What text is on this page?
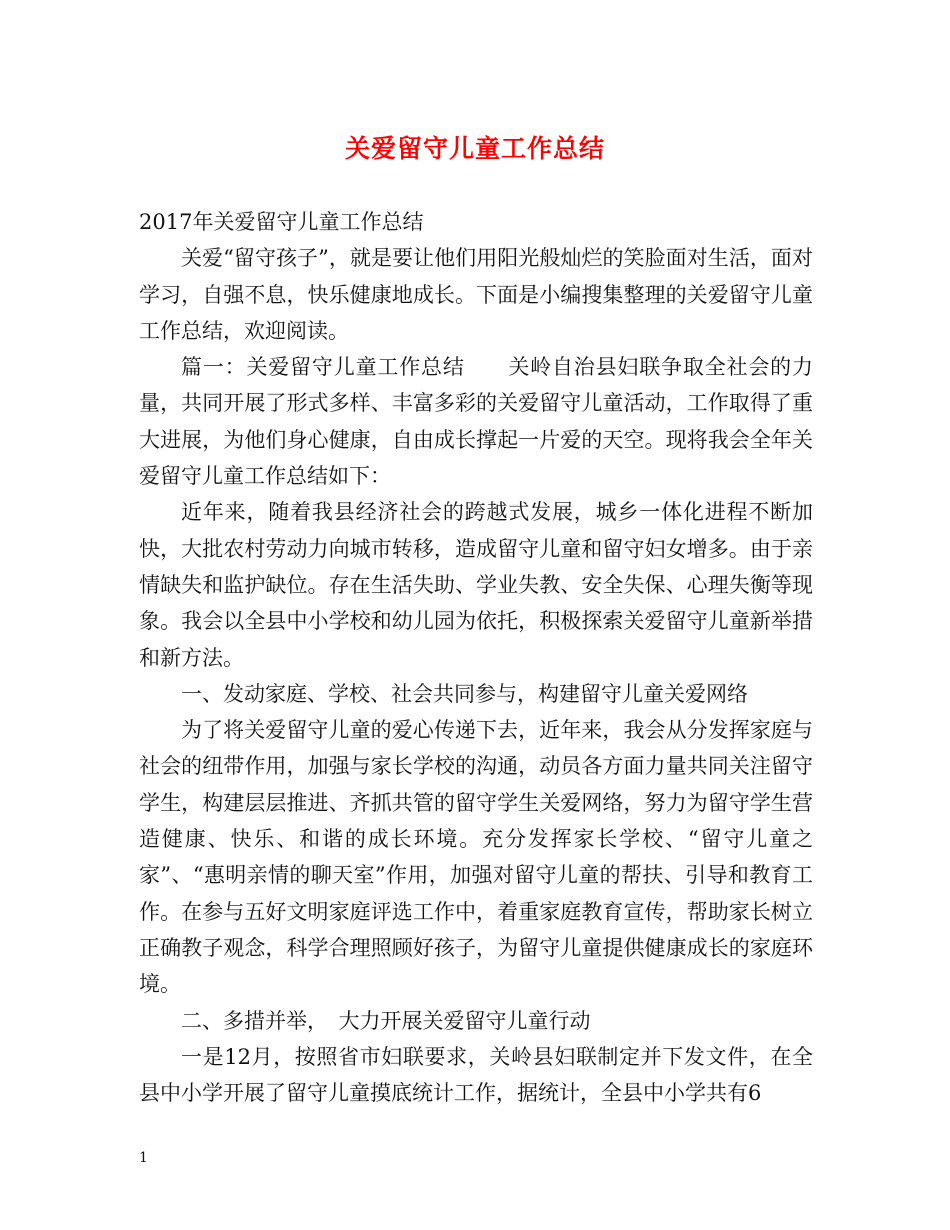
关爱留守儿童工作总结

2017年关爱留守儿童工作总结

关爱“留守孩子”，就是要让他们用阳光般灿烂的笑脸面对生活，面对学习，自强不息，快乐健康地成长。下面是小编搜集整理的关爱留守儿童工作总结，欢迎阅读。

篇一：关爱留守儿童工作总结　　关岭自治县妇联争取全社会的力量，共同开展了形式多样、丰富多彩的关爱留守儿童活动，工作取得了重大进展，为他们身心健康，自由成长撑起一片爱的天空。现将我会全年关爱留守儿童工作总结如下：

近年来，随着我县经济社会的跨越式发展，城乡一体化进程不断加快，大批农村劳动力向城市转移，造成留守儿童和留守妇女增多。由于亲情缺失和监护缺位。存在生活失助、学业失教、安全失保、心理失衡等现象。我会以全县中小学校和幼儿园为依托，积极探索关爱留守儿童新举措和新方法。

一、发动家庭、学校、社会共同参与，构建留守儿童关爱网络

为了将关爱留守儿童的爱心传递下去，近年来，我会从分发挥家庭与社会的纽带作用，加强与家长学校的沟通，动员各方面力量共同关注留守学生，构建层层推进、齐抓共管的留守学生关爱网络，努力为留守学生营造健康、快乐、和谐的成长环境。充分发挥家长学校、“留守儿童之家”、“惠明亲情的聊天室”作用，加强对留守儿童的帮扶、引导和教育工作。在参与五好文明家庭评选工作中，着重家庭教育宣传，帮助家长树立正确教子观念，科学合理照顾好孩子，为留守儿童提供健康成长的家庭环境。

二、多措并举，　大力开展关爱留守儿童行动

一是12月，按照省市妇联要求，关岭县妇联制定并下发文件，在全县中小学开展了留守儿童摸底统计工作，据统计，全县中小学共有6

1
